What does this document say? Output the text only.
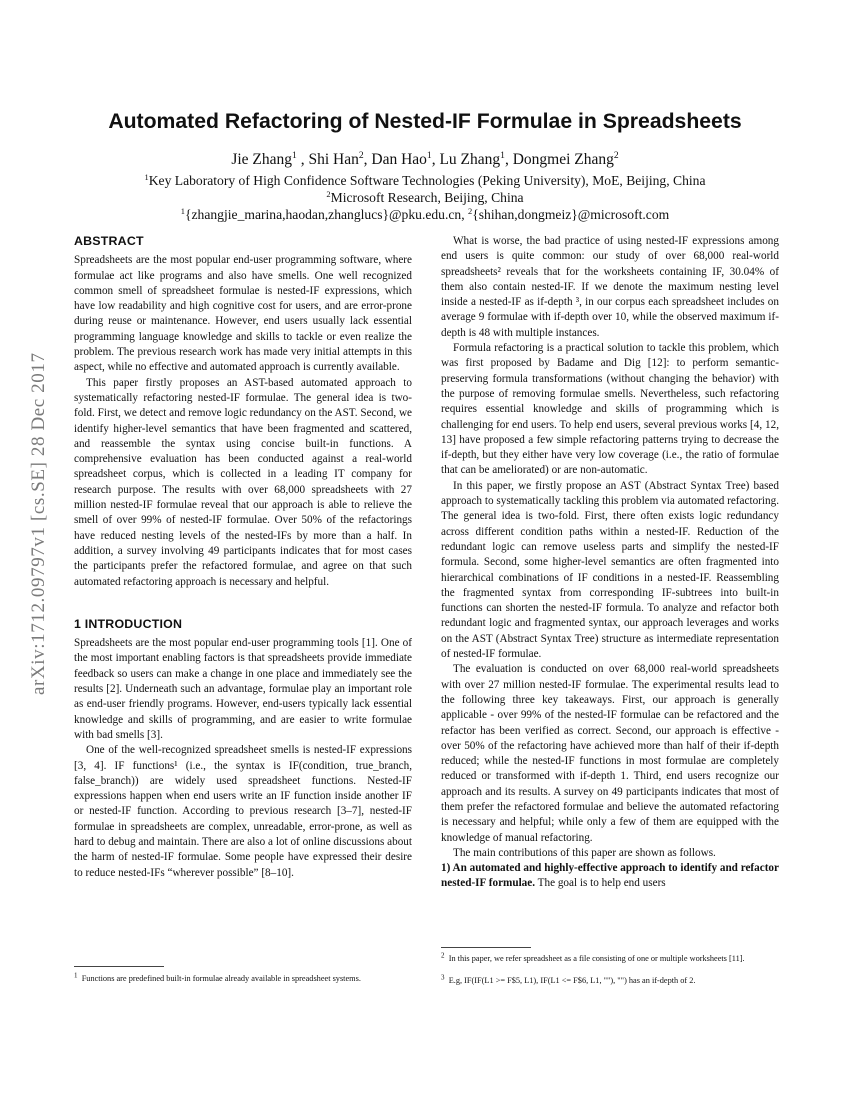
arXiv:1712.09797v1 [cs.SE] 28 Dec 2017
Automated Refactoring of Nested-IF Formulae in Spreadsheets
Jie Zhang$^1$ , Shi Han$^2$, Dan Hao$^1$, Lu Zhang$^1$, Dongmei Zhang$^2$
$^1$Key Laboratory of High Confidence Software Technologies (Peking University), MoE, Beijing, China
$^2$Microsoft Research, Beijing, China
$^1${zhangjie_marina,haodan,zhanglucs}@pku.edu.cn, $^2${shihan,dongmeiz}@microsoft.com
ABSTRACT

Spreadsheets are the most popular end-user programming software, where formulae act like programs and also have smells. One well recognized common smell of spreadsheet formulae is nested-IF expressions, which have low readability and high cognitive cost for users, and are error-prone during reuse or maintenance. However, end users usually lack essential programming language knowledge and skills to tackle or even realize the problem. The previous research work has made very initial attempts in this aspect, while no effective and automated approach is currently available.

This paper firstly proposes an AST-based automated approach to systematically refactoring nested-IF formulae. The general idea is two-fold. First, we detect and remove logic redundancy on the AST. Second, we identify higher-level semantics that have been fragmented and scattered, and reassemble the syntax using concise built-in functions. A comprehensive evaluation has been conducted against a real-world spreadsheet corpus, which is collected in a leading IT company for research purpose. The results with over 68,000 spreadsheets with 27 million nested-IF formulae reveal that our approach is able to relieve the smell of over 99% of nested-IF formulae. Over 50% of the refactorings have reduced nesting levels of the nested-IFs by more than a half. In addition, a survey involving 49 participants indicates that for most cases the participants prefer the refactored formulae, and agree on that such automated refactoring approach is necessary and helpful.

1 INTRODUCTION

Spreadsheets are the most popular end-user programming tools [1]. One of the most important enabling factors is that spreadsheets provide immediate feedback so users can make a change in one place and immediately see the results [2]. Underneath such an advantage, formulae play an important role as end-user friendly programs. However, end-users typically lack essential knowledge and skills of programming, and are easier to write formulae with bad smells [3].

One of the well-recognized spreadsheet smells is nested-IF expressions [3, 4]. IF functions¹ (i.e., the syntax is IF(condition, true_branch, false_branch)) are widely used spreadsheet functions. Nested-IF expressions happen when end users write an IF function inside another IF or nested-IF function. According to previous research [3–7], nested-IF formulae in spreadsheets are complex, unreadable, error-prone, as well as hard to debug and maintain. There are also a lot of online discussions about the harm of nested-IF formulae. Some people have expressed their desire to reduce nested-IFs “wherever possible” [8–10].

What is worse, the bad practice of using nested-IF expressions among end users is quite common: our study of over 68,000 real-world spreadsheets² reveals that for the worksheets containing IF, 30.04% of them also contain nested-IF. If we denote the maximum nesting level inside a nested-IF as if-depth ³, in our corpus each spreadsheet includes on average 9 formulae with if-depth over 10, while the observed maximum if-depth is 48 with multiple instances.

Formula refactoring is a practical solution to tackle this problem, which was first proposed by Badame and Dig [12]: to perform semantic-preserving formula transformations (without changing the behavior) with the purpose of removing formulae smells. Nevertheless, such refactoring requires essential knowledge and skills of programming which is challenging for end users. To help end users, several previous works [4, 12, 13] have proposed a few simple refactoring patterns trying to decrease the if-depth, but they either have very low coverage (i.e., the ratio of formulae that can be ameliorated) or are non-automatic.

In this paper, we firstly propose an AST (Abstract Syntax Tree) based approach to systematically tackling this problem via automated refactoring. The general idea is two-fold. First, there often exists logic redundancy across different condition paths within a nested-IF. Reduction of the redundant logic can remove useless parts and simplify the nested-IF formula. Second, some higher-level semantics are often fragmented into hierarchical combinations of IF conditions in a nested-IF. Reassembling the fragmented syntax from corresponding IF-subtrees into built-in functions can shorten the nested-IF formula. To analyze and refactor both redundant logic and fragmented syntax, our approach leverages and works on the AST (Abstract Syntax Tree) structure as intermediate representation of nested-IF formulae.

The evaluation is conducted on over 68,000 real-world spreadsheets with over 27 million nested-IF formulae. The experimental results lead to the following three key takeaways. First, our approach is generally applicable - over 99% of the nested-IF formulae can be refactored and the refactor has been verified as correct. Second, our approach is effective - over 50% of the refactoring have achieved more than half of their if-depth reduced; while the nested-IF functions in most formulae are completely reduced or transformed with if-depth 1. Third, end users recognize our approach and its results. A survey on 49 participants indicates that most of them prefer the refactored formulae and believe the automated refactoring is necessary and helpful; while only a few of them are equipped with the knowledge of manual refactoring.

The main contributions of this paper are shown as follows.

1) An automated and highly-effective approach to identify and refactor nested-IF formulae. The goal is to help end users

$^1$ Functions are predefined built-in formulae already available in spreadsheet systems.
$^2$ In this paper, we refer spreadsheet as a file consisting of one or multiple worksheets [11].
$^3$ E.g, IF(IF(L1 >= F$5, L1), IF(L1 <= F$6, L1, ""), "") has an if-depth of 2.
